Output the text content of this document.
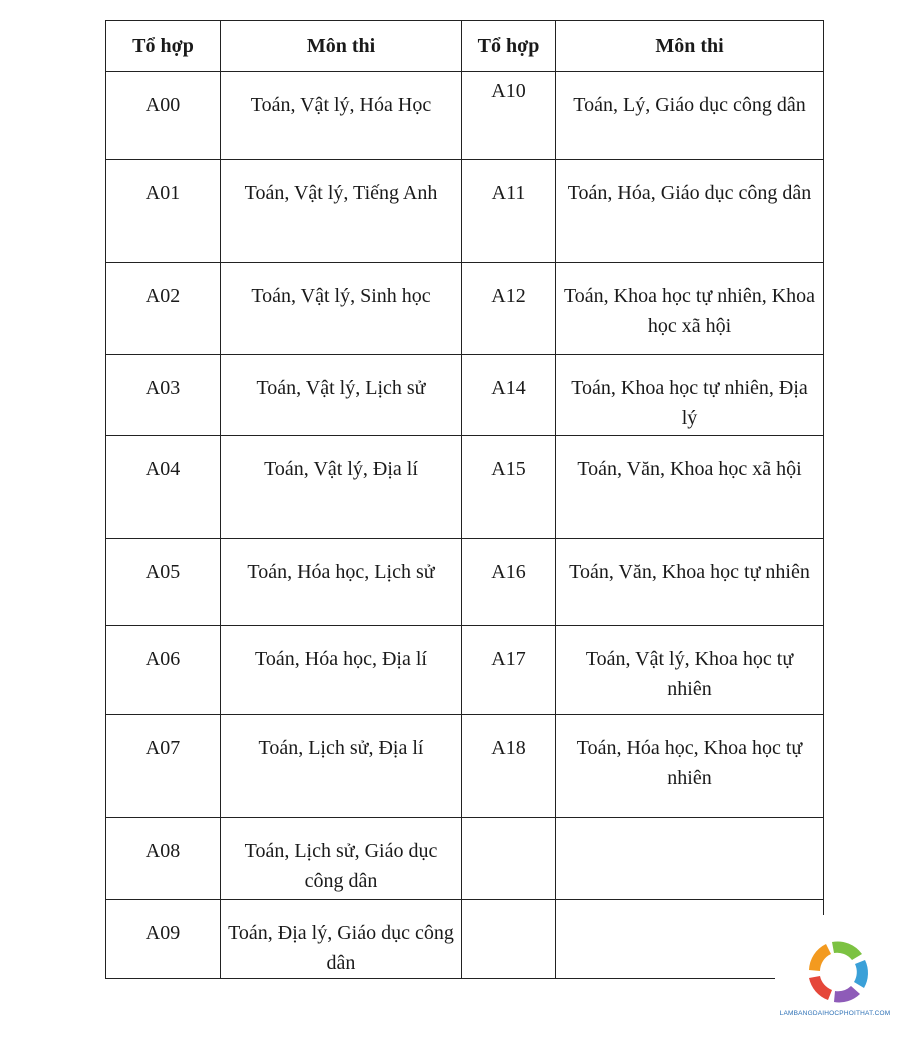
Tổ hợp	Môn thi	Tổ hợp	Môn thi
A00	Toán, Vật lý, Hóa Học	A10	Toán, Lý, Giáo dục công dân
A01	Toán, Vật lý, Tiếng Anh	A11	Toán, Hóa, Giáo dục công dân
A02	Toán, Vật lý, Sinh học	A12	Toán, Khoa học tự nhiên, Khoa học xã hội
A03	Toán, Vật lý, Lịch sử	A14	Toán, Khoa học tự nhiên, Địa lý
A04	Toán, Vật lý, Địa lí	A15	Toán, Văn, Khoa học xã hội
A05	Toán, Hóa học, Lịch sử	A16	Toán, Văn, Khoa học tự nhiên
A06	Toán, Hóa học, Địa lí	A17	Toán, Vật lý, Khoa học tự nhiên
A07	Toán, Lịch sử, Địa lí	A18	Toán, Hóa học, Khoa học tự nhiên
A08	Toán, Lịch sử, Giáo dục công dân		
A09	Toán, Địa lý, Giáo dục công dân		
LAMBANGDAIHOCPHOITHAT.COM
